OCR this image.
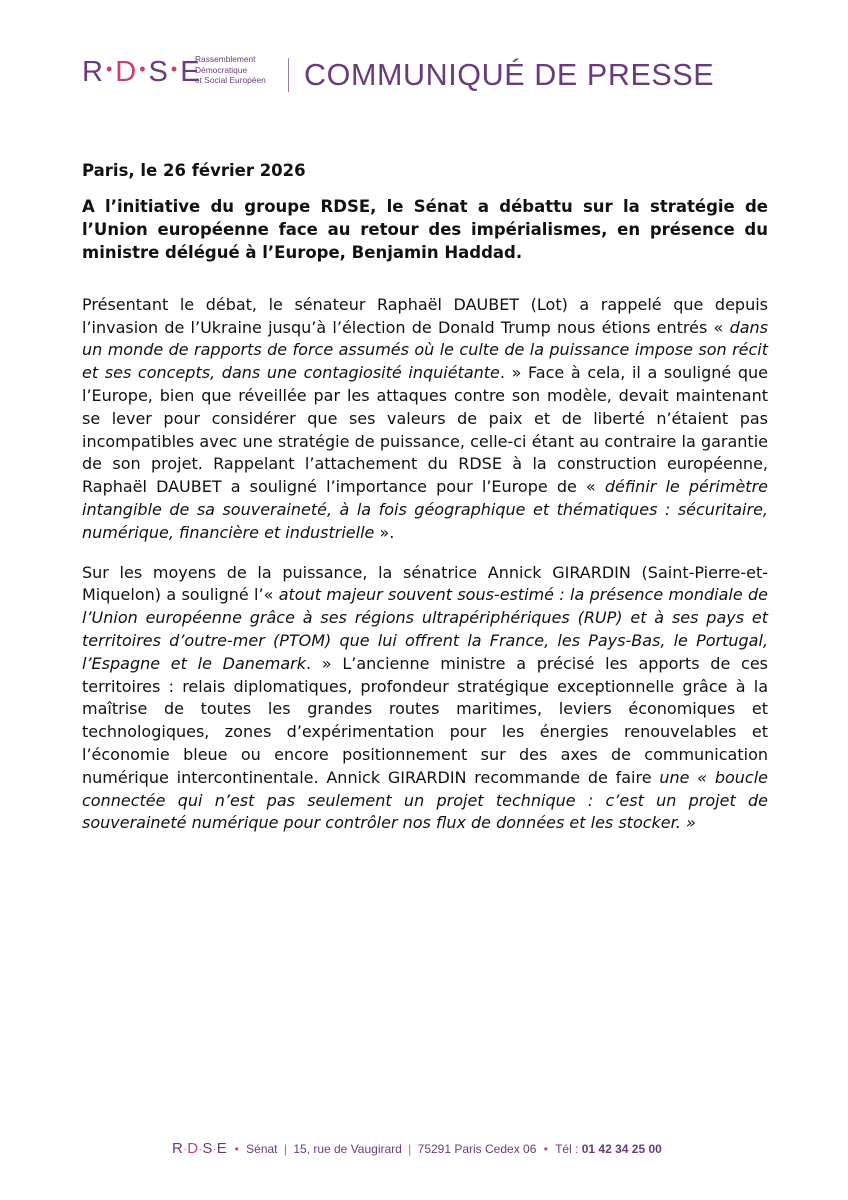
R •D •S •E
Rassemblement
Démocratique
et Social Européen COMMUNIQUÉ DE PRESSE

Paris, le 26 février 2026

A l’initiative du groupe RDSE, le Sénat a débattu sur la stratégie de l’Union européenne face au retour des impérialismes, en présence du ministre délégué à l’Europe, Benjamin Haddad.

Présentant le débat, le sénateur Raphaël DAUBET (Lot) a rappelé que depuis l’invasion de l’Ukraine jusqu’à l’élection de Donald Trump nous étions entrés « dans un monde de rapports de force assumés où le culte de la puissance impose son récit et ses concepts, dans une contagiosité inquiétante. » Face à cela, il a souligné que l’Europe, bien que réveillée par les attaques contre son modèle, devait maintenant se lever pour considérer que ses valeurs de paix et de liberté n’étaient pas incompatibles avec une stratégie de puissance, celle-ci étant au contraire la garantie de son projet. Rappelant l’attachement du RDSE à la construction européenne, Raphaël DAUBET a souligné l’importance pour l’Europe de « définir le périmètre intangible de sa souveraineté, à la fois géographique et thématiques : sécuritaire, numérique, financière et industrielle ».

Sur les moyens de la puissance, la sénatrice Annick GIRARDIN (Saint-Pierre-et-Miquelon) a souligné l’« atout majeur souvent sous-estimé : la présence mondiale de l’Union européenne grâce à ses régions ultrapériphériques (RUP) et à ses pays et territoires d’outre-mer (PTOM) que lui offrent la France, les Pays-Bas, le Portugal, l’Espagne et le Danemark. » L’ancienne ministre a précisé les apports de ces territoires : relais diplomatiques, profondeur stratégique exceptionnelle grâce à la maîtrise de toutes les grandes routes maritimes, leviers économiques et technologiques, zones d’expérimentation pour les énergies renouvelables et l’économie bleue ou encore positionnement sur des axes de communication numérique intercontinentale. Annick GIRARDIN recommande de faire une « boucle connectée qui n’est pas seulement un projet technique : c’est un projet de souveraineté numérique pour contrôler nos flux de données et les stocker. »

R·D·S·E • Sénat | 15, rue de Vaugirard | 75291 Paris Cedex 06 • Tél : 01 42 34 25 00
